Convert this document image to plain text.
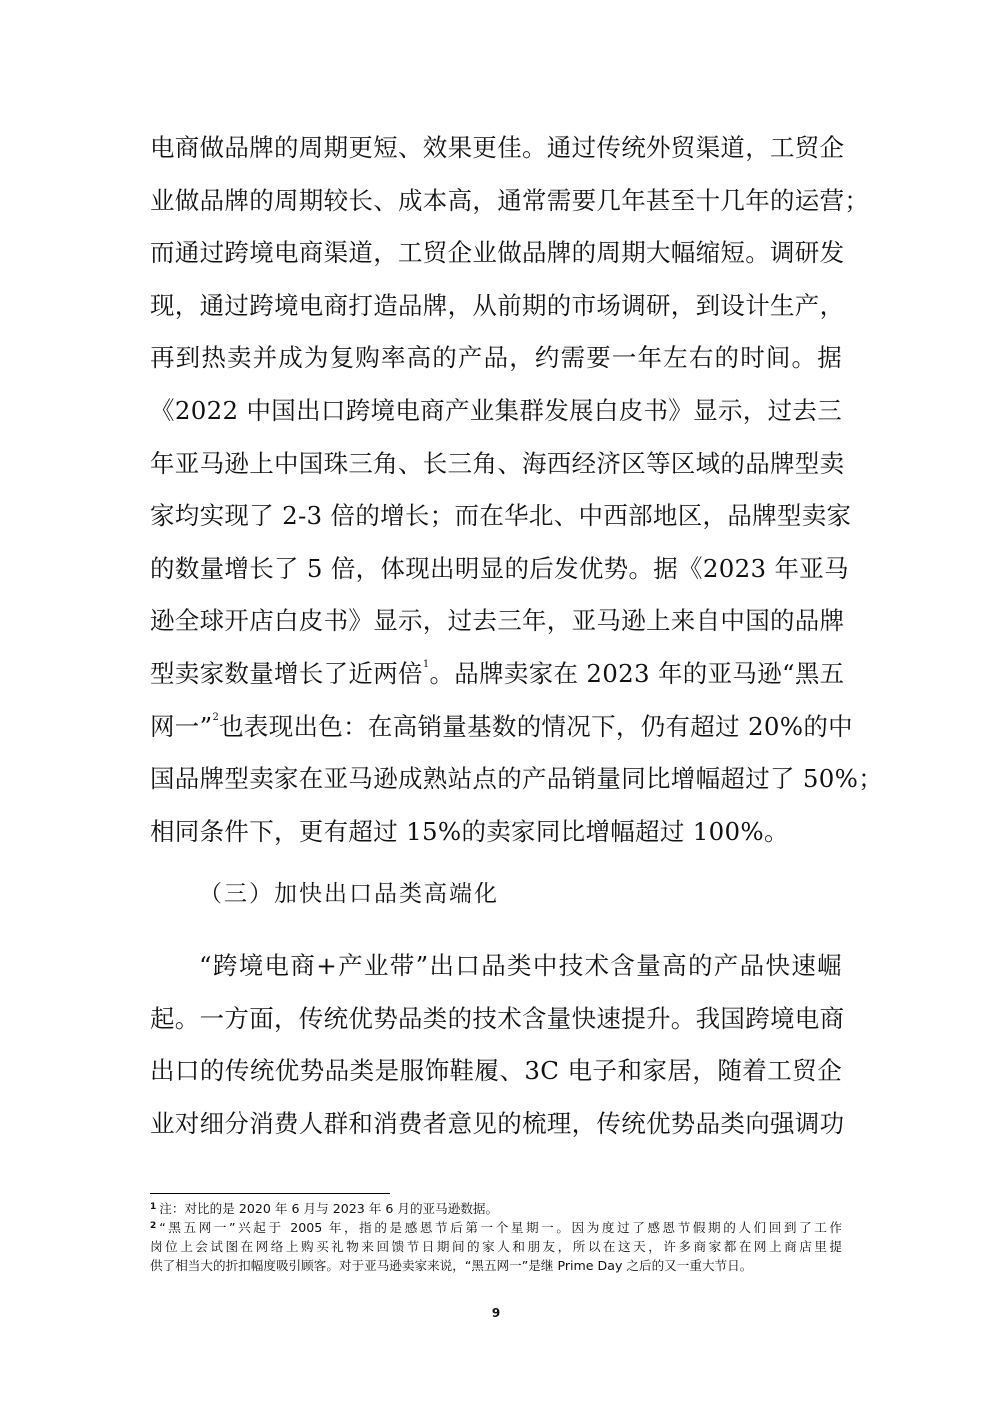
电商做品牌的周期更短、效果更佳。通过传统外贸渠道，工贸企
业做品牌的周期较长、成本高，通常需要几年甚至十几年的运营；
而通过跨境电商渠道，工贸企业做品牌的周期大幅缩短。调研发
现，通过跨境电商打造品牌，从前期的市场调研，到设计生产，
再到热卖并成为复购率高的产品，约需要一年左右的时间。据
《2022 中国出口跨境电商产业集群发展白皮书》显示，过去三
年亚马逊上中国珠三角、长三角、海西经济区等区域的品牌型卖
家均实现了 2-3 倍的增长；而在华北、中西部地区，品牌型卖家
的数量增长了 5 倍，体现出明显的后发优势。据《2023 年亚马
逊全球开店白皮书》显示，过去三年，亚马逊上来自中国的品牌
型卖家数量增长了近两倍$^1$。品牌卖家在 2023 年的亚马逊“黑五
网一”$^2$也表现出色：在高销量基数的情况下，仍有超过 20%的中
国品牌型卖家在亚马逊成熟站点的产品销量同比增幅超过了 50%；
相同条件下，更有超过 15%的卖家同比增幅超过 100%。
（三）加快出口品类高端化
“跨境电商+产业带”出口品类中技术含量高的产品快速崛
起。一方面，传统优势品类的技术含量快速提升。我国跨境电商
出口的传统优势品类是服饰鞋履、3C 电子和家居，随着工贸企
业对细分消费人群和消费者意见的梳理，传统优势品类向强调功
$^1$ 注：对比的是 2020 年 6 月与 2023 年 6 月的亚马逊数据。
$^2$ “黑五网一”兴起于 2005 年，指的是感恩节后第一个星期一。因为度过了感恩节假期的人们回到了工作
岗位上会试图在网络上购买礼物来回馈节日期间的家人和朋友，所以在这天，许多商家都在网上商店里提
供了相当大的折扣幅度吸引顾客。对于亚马逊卖家来说，“黑五网一”是继 Prime Day 之后的又一重大节日。
9
